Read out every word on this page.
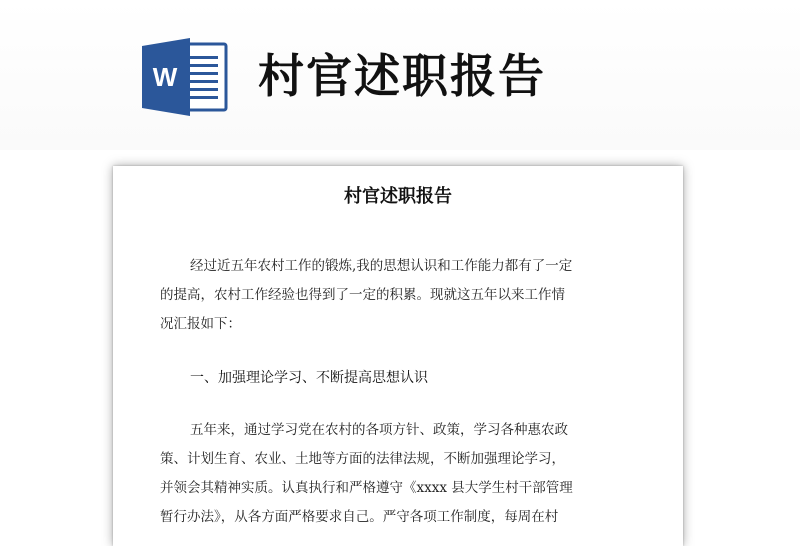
W 村官述职报告
村官述职报告
经过近五年农村工作的锻炼,我的思想认识和工作能力都有了一定
的提高，农村工作经验也得到了一定的积累。现就这五年以来工作情
况汇报如下：
一、加强理论学习、不断提高思想认识
五年来，通过学习党在农村的各项方针、政策，学习各种惠农政
策、计划生育、农业、土地等方面的法律法规，不断加强理论学习，
并领会其精神实质。认真执行和严格遵守《xxxx 县大学生村干部管理
暂行办法》，从各方面严格要求自己。严守各项工作制度，每周在村
